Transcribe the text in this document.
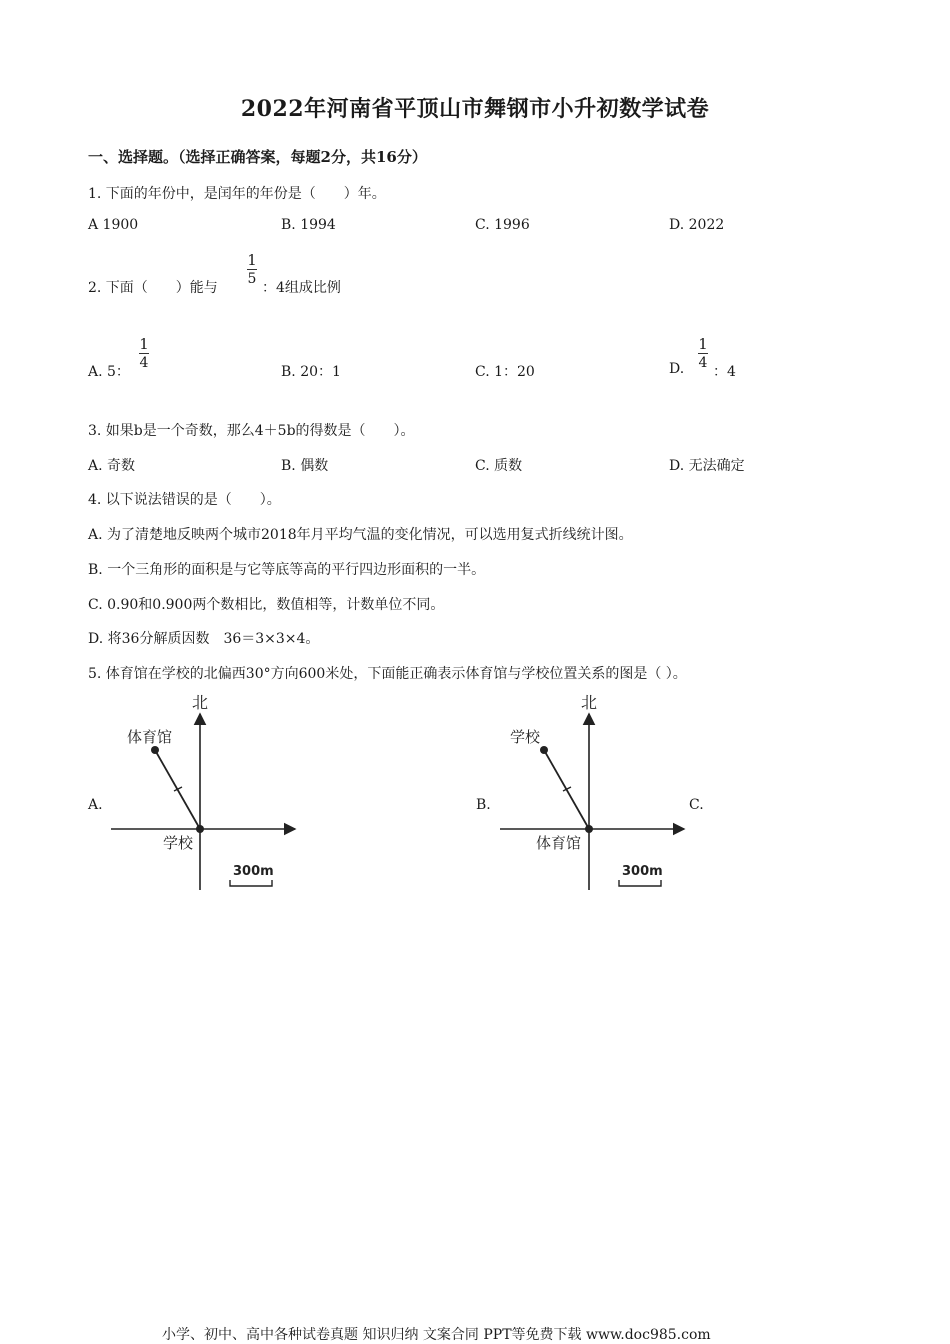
2022年河南省平顶山市舞钢市小升初数学试卷
一、选择题。（选择正确答案，每题2分，共16分）
1. 下面的年份中，是闰年的年份是（　　）年。
A 1900	B. 1994	C. 1996	D. 2022
2. 下面（　　）能与
1
5
：4组成比例
A. 5：
1
4
B. 20：1	C. 1：20	D.
1
4
：4
3. 如果b是一个奇数，那么4＋5b的得数是（　　）。
A. 奇数	B. 偶数	C. 质数	D. 无法确定
4. 以下说法错误的是（　　）。
A. 为了清楚地反映两个城市2018年月平均气温的变化情况，可以选用复式折线统计图。
B. 一个三角形的面积是与它等底等高的平行四边形面积的一半。
C. 0.90和0.900两个数相比，数值相等，计数单位不同。
D. 将36分解质因数　36＝3×3×4。
5. 体育馆在学校的北偏西30°方向600米处，下面能正确表示体育馆与学校位置关系的图是（ ）。
A.	B.	C.
北
体育馆
学校
300m
北
学校
体育馆
300m
小学、初中、高中各种试卷真题 知识归纳 文案合同 PPT等免费下载 www.doc985.com
